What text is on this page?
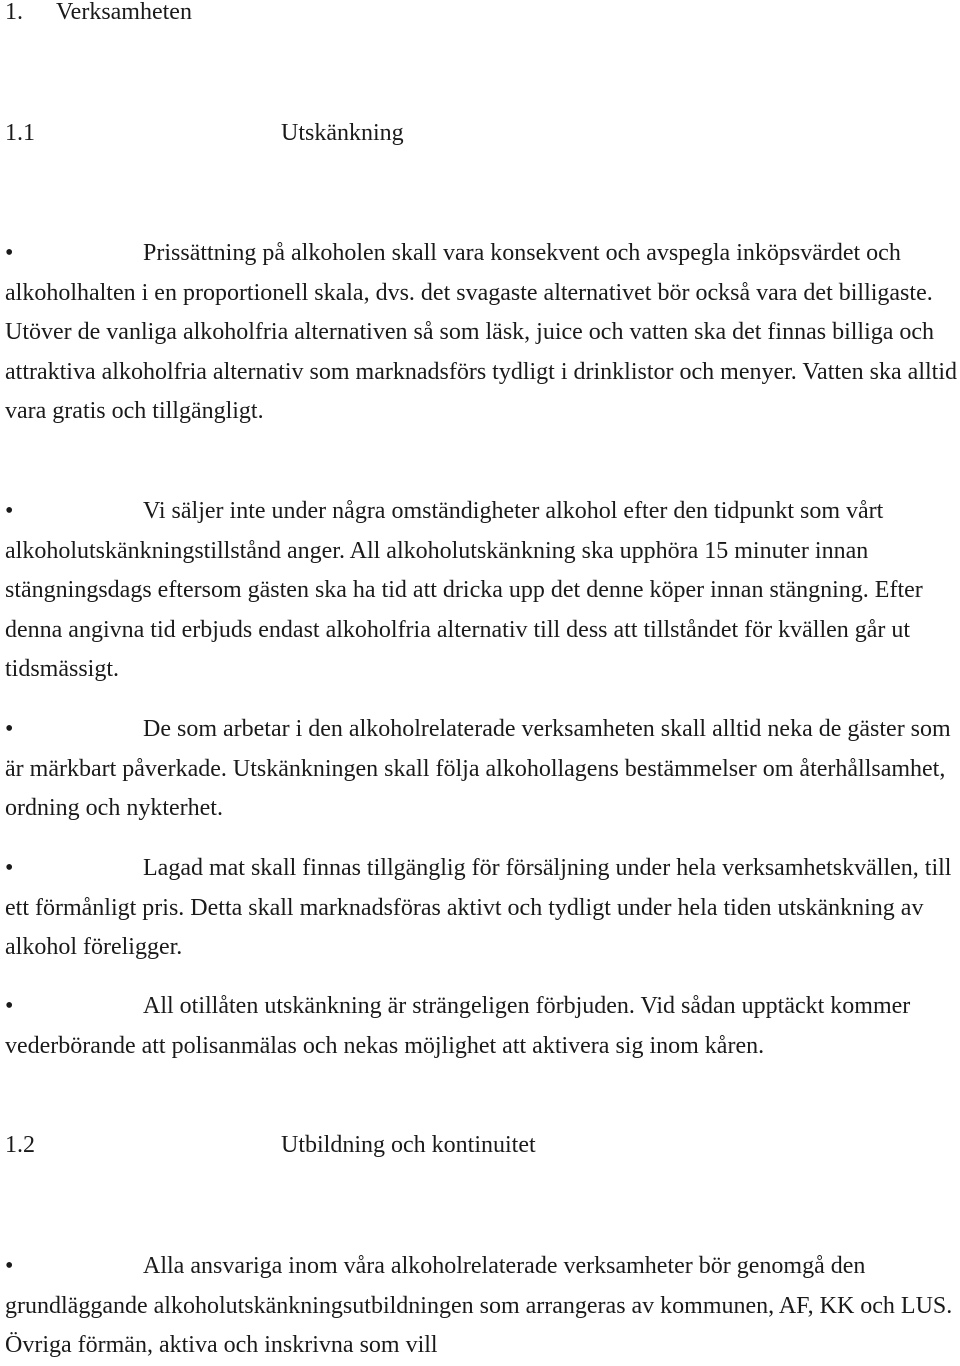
1. Verksamheten
1.1	Utskänkning

•	Prissättning på alkoholen skall vara konsekvent och avspegla inköpsvärdet och alkoholhalten i en proportionell skala, dvs. det svagaste alternativet bör också vara det billigaste. Utöver de vanliga alkoholfria alternativen så som läsk, juice och vatten ska det finnas billiga och attraktiva alkoholfria alternativ som marknadsförs tydligt i drinklistor och menyer. Vatten ska alltid vara gratis och tillgängligt.

•	Vi säljer inte under några omständigheter alkohol efter den tidpunkt som vårt alkoholutskänkningstillstånd anger. All alkoholutskänkning ska upphöra 15 minuter innan stängningsdags eftersom gästen ska ha tid att dricka upp det denne köper innan stängning. Efter denna angivna tid erbjuds endast alkoholfria alternativ till dess att tillståndet för kvällen går ut tidsmässigt.

•	De som arbetar i den alkoholrelaterade verksamheten skall alltid neka de gäster som är märkbart påverkade. Utskänkningen skall följa alkohollagens bestämmelser om återhållsamhet, ordning och nykterhet.

•	Lagad mat skall finnas tillgänglig för försäljning under hela verksamhetskvällen, till ett förmånligt pris. Detta skall marknadsföras aktivt och tydligt under hela tiden utskänkning av alkohol föreligger.

•	All otillåten utskänkning är strängeligen förbjuden. Vid sådan upptäckt kommer vederbörande att polisanmälas och nekas möjlighet att aktivera sig inom kåren.

1.2	Utbildning och kontinuitet

•	Alla ansvariga inom våra alkoholrelaterade verksamheter bör genomgå den grundläggande alkoholutskänkningsutbildningen som arrangeras av kommunen, AF, KK och LUS. Övriga förmän, aktiva och inskrivna som vill
